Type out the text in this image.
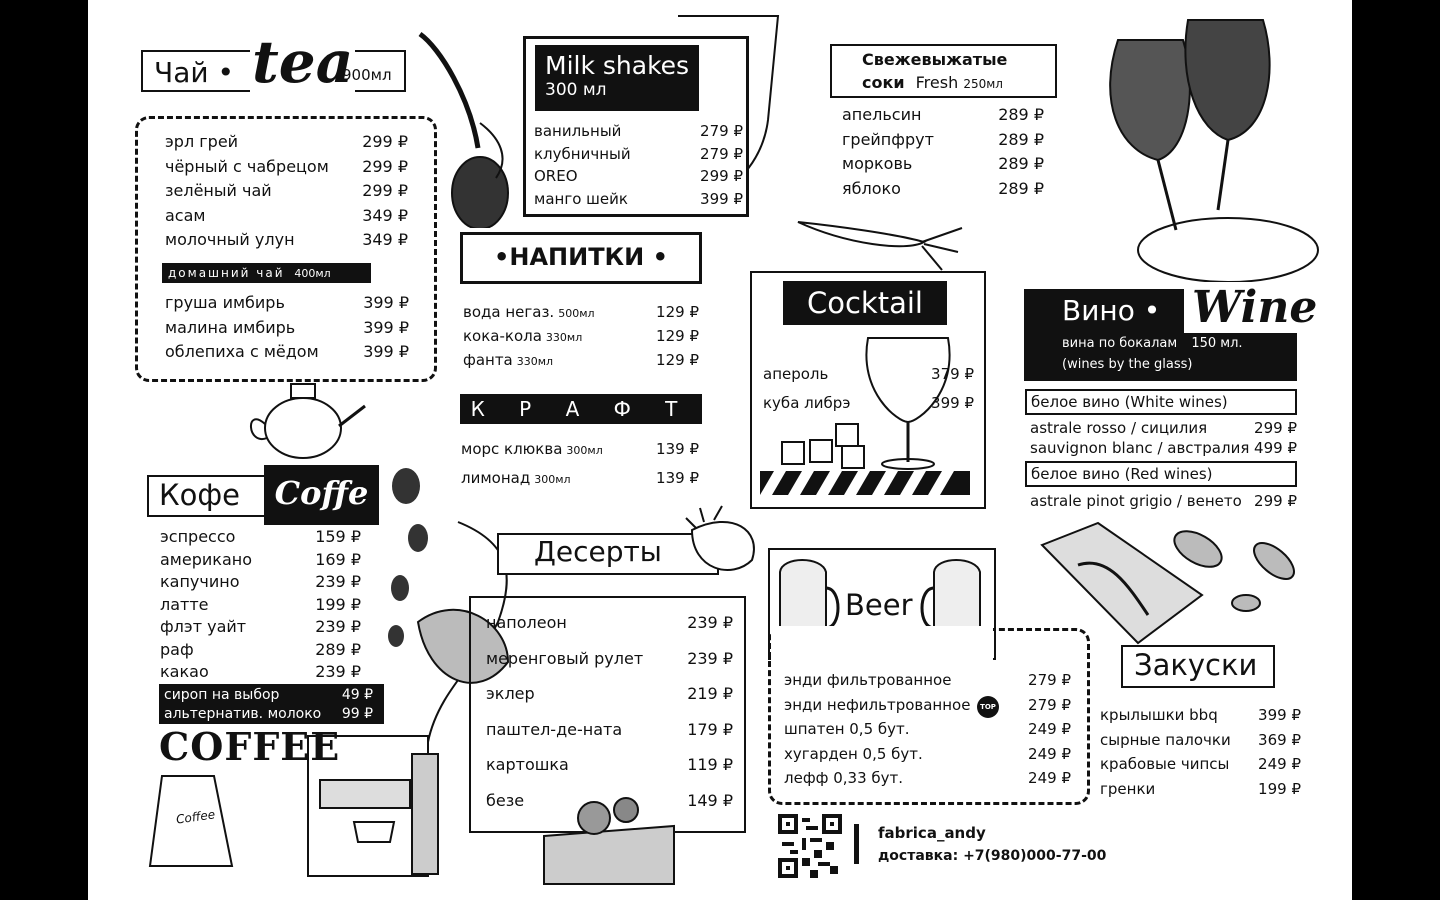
Чай • tea
900мл
эрл грей	299 ₽
чёрный с чабрецом 299 ₽
зелёный чай	299 ₽
асам	349 ₽
молочный улун	349 ₽
домашний чай 400мл
груша имбирь	399 ₽
малина имбирь	399 ₽
облепиха с мёдом	399 ₽
Milk shakes
300 мл
ванильный	279 ₽
клубничный	279 ₽
OREO	299 ₽
манго шейк	399 ₽
Свежевыжатые
соки Fresh 250мл
апельсин	289 ₽
грейпфрут	289 ₽
морковь	289 ₽
яблоко	289 ₽
•НАПИТКИ •
вода негаз. 500мл	129 ₽
кока-кола 330мл	129 ₽
фанта 330мл	129 ₽
К Р А Ф Т
морс клюква 300мл	139 ₽
лимонад 300мл	139 ₽
Cocktail
апероль	379 ₽
куба либрэ	399 ₽
Вино • Wine
вина по бокалам 150 мл.
(wines by the glass)
белое вино (White wines)
astrale rosso / сицилия	299 ₽
sauvignon blanc / австралия 499 ₽
белое вино (Red wines)
astrale pinot grigio / венето 299 ₽
Кофе	Coffe
эспрессо	159 ₽
американо	169 ₽
капучино	239 ₽
латте	199 ₽
флэт уайт	239 ₽
раф	289 ₽
какао	239 ₽
сироп на выбор	49 ₽
альтернатив. молоко 99 ₽
COFFEE
Coffee
Десерты
наполеон	239 ₽
меренговый рулет	239 ₽
эклер	219 ₽
паштел-де-ната	179 ₽
картошка	119 ₽
безе	149 ₽
Beer
энди фильтрованное	279 ₽
энди нефильтрованное	279 ₽
шпатен 0,5 бут.	249 ₽
хугарден 0,5 бут.	249 ₽
лефф 0,33 бут.	249 ₽
TOP
Закуски
крылышки bbq	399 ₽
сырные палочки 369 ₽
крабовые чипсы 249 ₽
гренки	199 ₽
fabrica_andy
доставка: +7(980)000-77-00
